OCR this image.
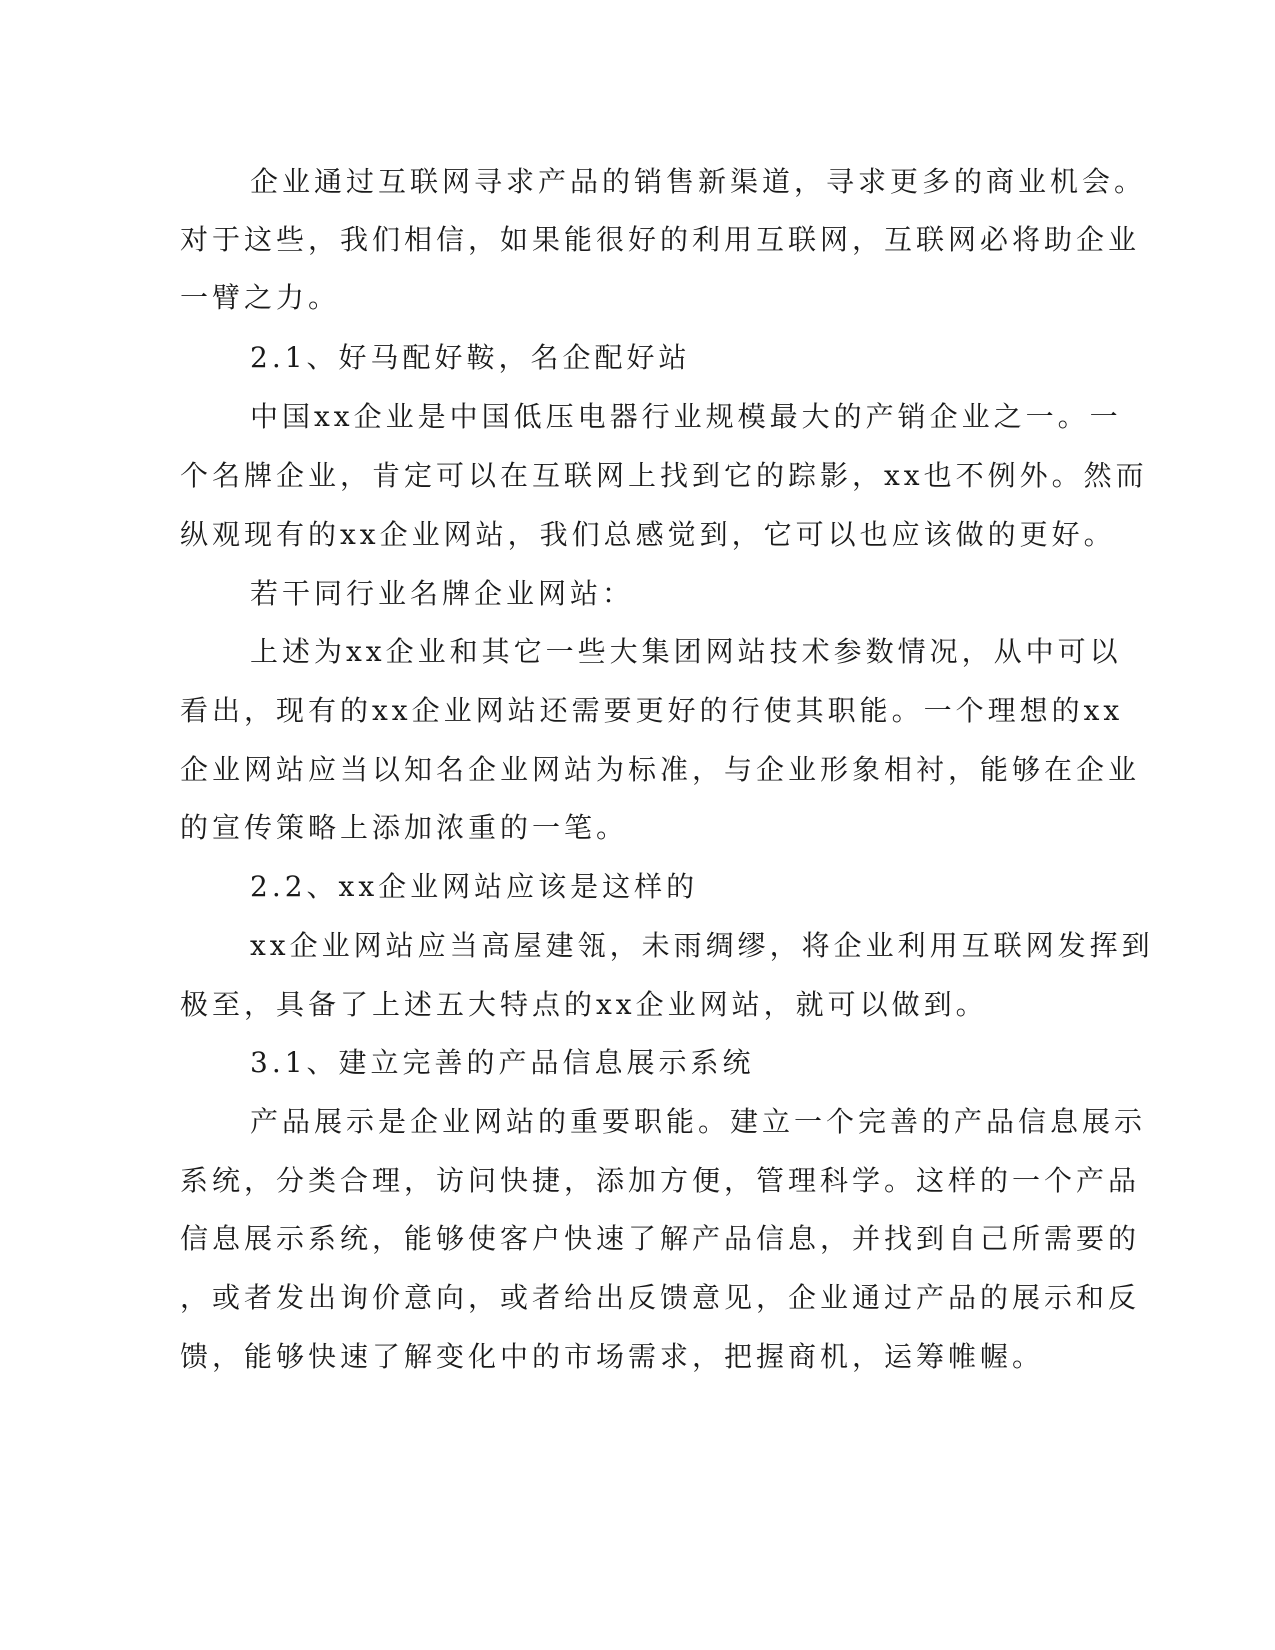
企业通过互联网寻求产品的销售新渠道，寻求更多的商业机会。
对于这些，我们相信，如果能很好的利用互联网，互联网必将助企业
一臂之力。
2.1、好马配好鞍，名企配好站
中国xx企业是中国低压电器行业规模最大的产销企业之一。一
个名牌企业，肯定可以在互联网上找到它的踪影，xx也不例外。然而
纵观现有的xx企业网站，我们总感觉到，它可以也应该做的更好。
若干同行业名牌企业网站：
上述为xx企业和其它一些大集团网站技术参数情况，从中可以
看出，现有的xx企业网站还需要更好的行使其职能。一个理想的xx
企业网站应当以知名企业网站为标准，与企业形象相衬，能够在企业
的宣传策略上添加浓重的一笔。
2.2、xx企业网站应该是这样的
xx企业网站应当高屋建瓴，未雨绸缪，将企业利用互联网发挥到
极至，具备了上述五大特点的xx企业网站，就可以做到。
3.1、建立完善的产品信息展示系统
产品展示是企业网站的重要职能。建立一个完善的产品信息展示
系统，分类合理，访问快捷，添加方便，管理科学。这样的一个产品
信息展示系统，能够使客户快速了解产品信息，并找到自己所需要的
，或者发出询价意向，或者给出反馈意见，企业通过产品的展示和反
馈，能够快速了解变化中的市场需求，把握商机，运筹帷幄。
